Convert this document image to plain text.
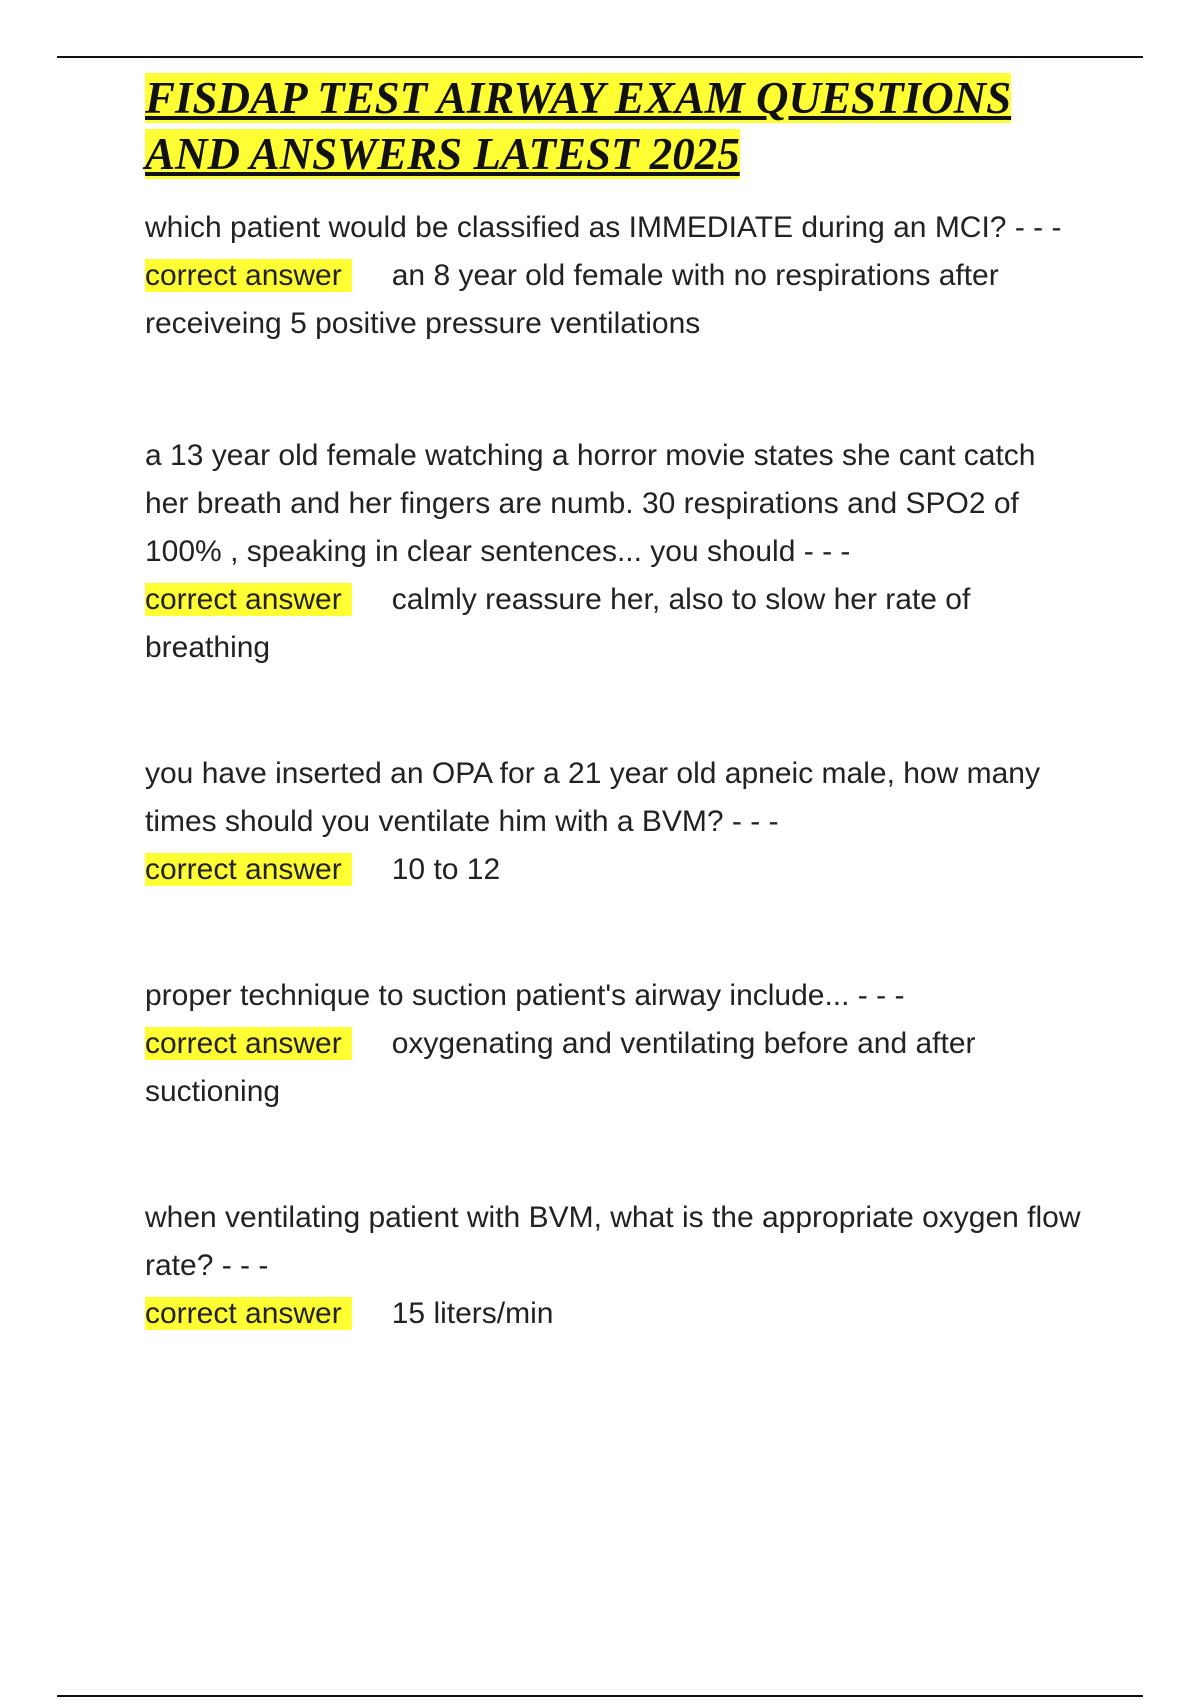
FISDAP TEST AIRWAY EXAM QUESTIONS
AND ANSWERS LATEST 2025

which patient would be classified as IMMEDIATE during an MCI? - - -

correct answer an 8 year old female with no respirations after receiveing 5 positive pressure ventilations

a 13 year old female watching a horror movie states she cant catch her breath and her fingers are numb. 30 respirations and SPO2 of 100% , speaking in clear sentences... you should - - -

correct answer calmly reassure her, also to slow her rate of breathing

you have inserted an OPA for a 21 year old apneic male, how many times should you ventilate him with a BVM? - - -

correct answer 10 to 12

proper technique to suction patient's airway include... - - -

correct answer oxygenating and ventilating before and after suctioning

when ventilating patient with BVM, what is the appropriate oxygen flow rate? - - -

correct answer 15 liters/min
